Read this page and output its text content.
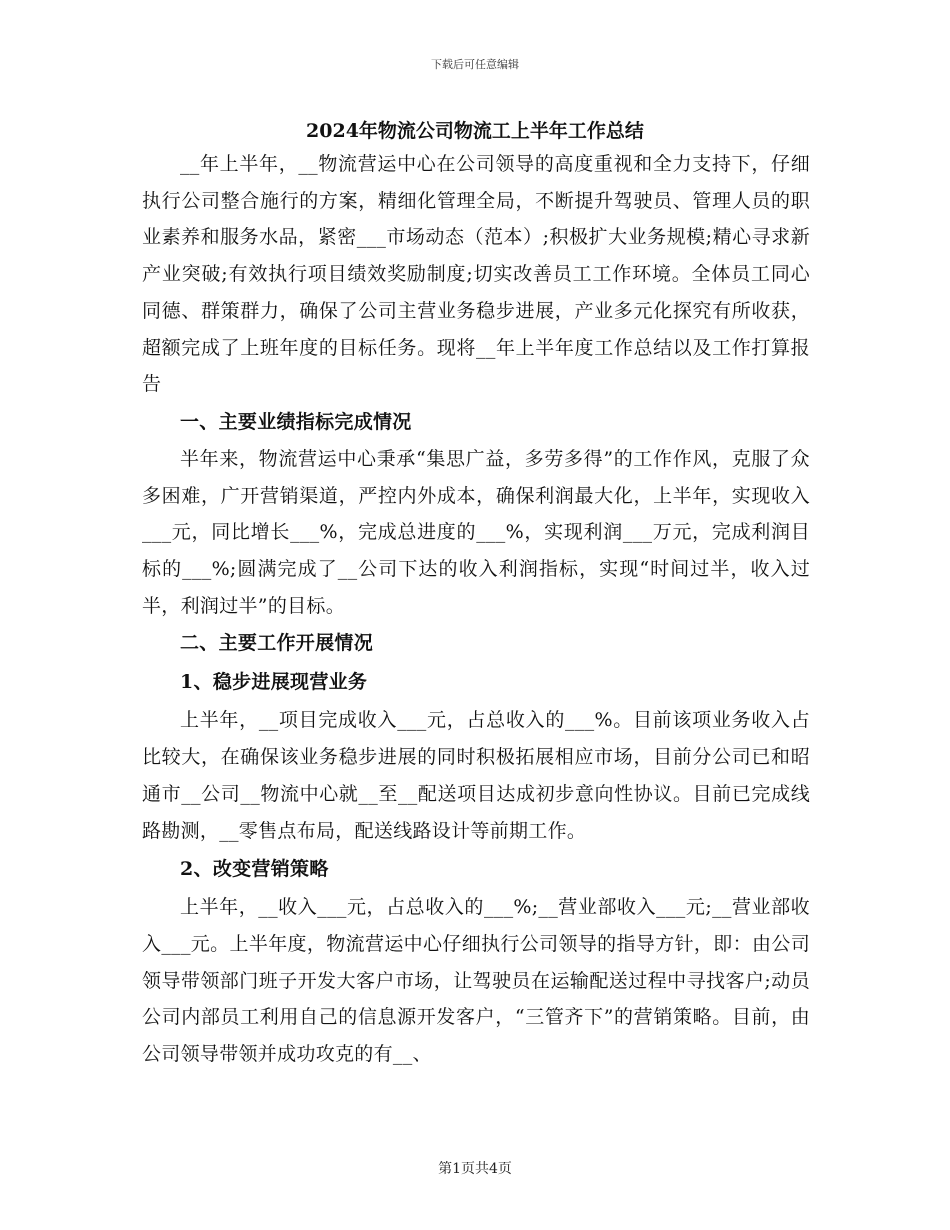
下载后可任意编辑
2024年物流公司物流工上半年工作总结

__年上半年，__物流营运中心在公司领导的高度重视和全力支持下，仔细执行公司整合施行的方案，精细化管理全局，不断提升驾驶员、管理人员的职业素养和服务水品，紧密___市场动态（范本）;积极扩大业务规模;精心寻求新产业突破;有效执行项目绩效奖励制度;切实改善员工工作环境。全体员工同心同德、群策群力，确保了公司主营业务稳步进展，产业多元化探究有所收获，超额完成了上班年度的目标任务。现将__年上半年度工作总结以及工作打算报告

一、主要业绩指标完成情况

半年来，物流营运中心秉承“集思广益，多劳多得”的工作作风，克服了众多困难，广开营销渠道，严控内外成本，确保利润最大化，上半年，实现收入___元，同比增长___%，完成总进度的___%，实现利润___万元，完成利润目标的___%;圆满完成了__公司下达的收入利润指标，实现“时间过半，收入过半，利润过半”的目标。

二、主要工作开展情况
1、稳步进展现营业务

上半年，__项目完成收入___元，占总收入的___%。目前该项业务收入占比较大，在确保该业务稳步进展的同时积极拓展相应市场，目前分公司已和昭通市__公司__物流中心就__至__配送项目达成初步意向性协议。目前已完成线路勘测，__零售点布局，配送线路设计等前期工作。

2、改变营销策略

上半年，__收入___元，占总收入的___%;__营业部收入___元;__营业部收入___元。上半年度，物流营运中心仔细执行公司领导的指导方针，即：由公司领导带领部门班子开发大客户市场，让驾驶员在运输配送过程中寻找客户;动员公司内部员工利用自己的信息源开发客户，“三管齐下”的营销策略。目前，由公司领导带领并成功攻克的有__、

第1页共4页
